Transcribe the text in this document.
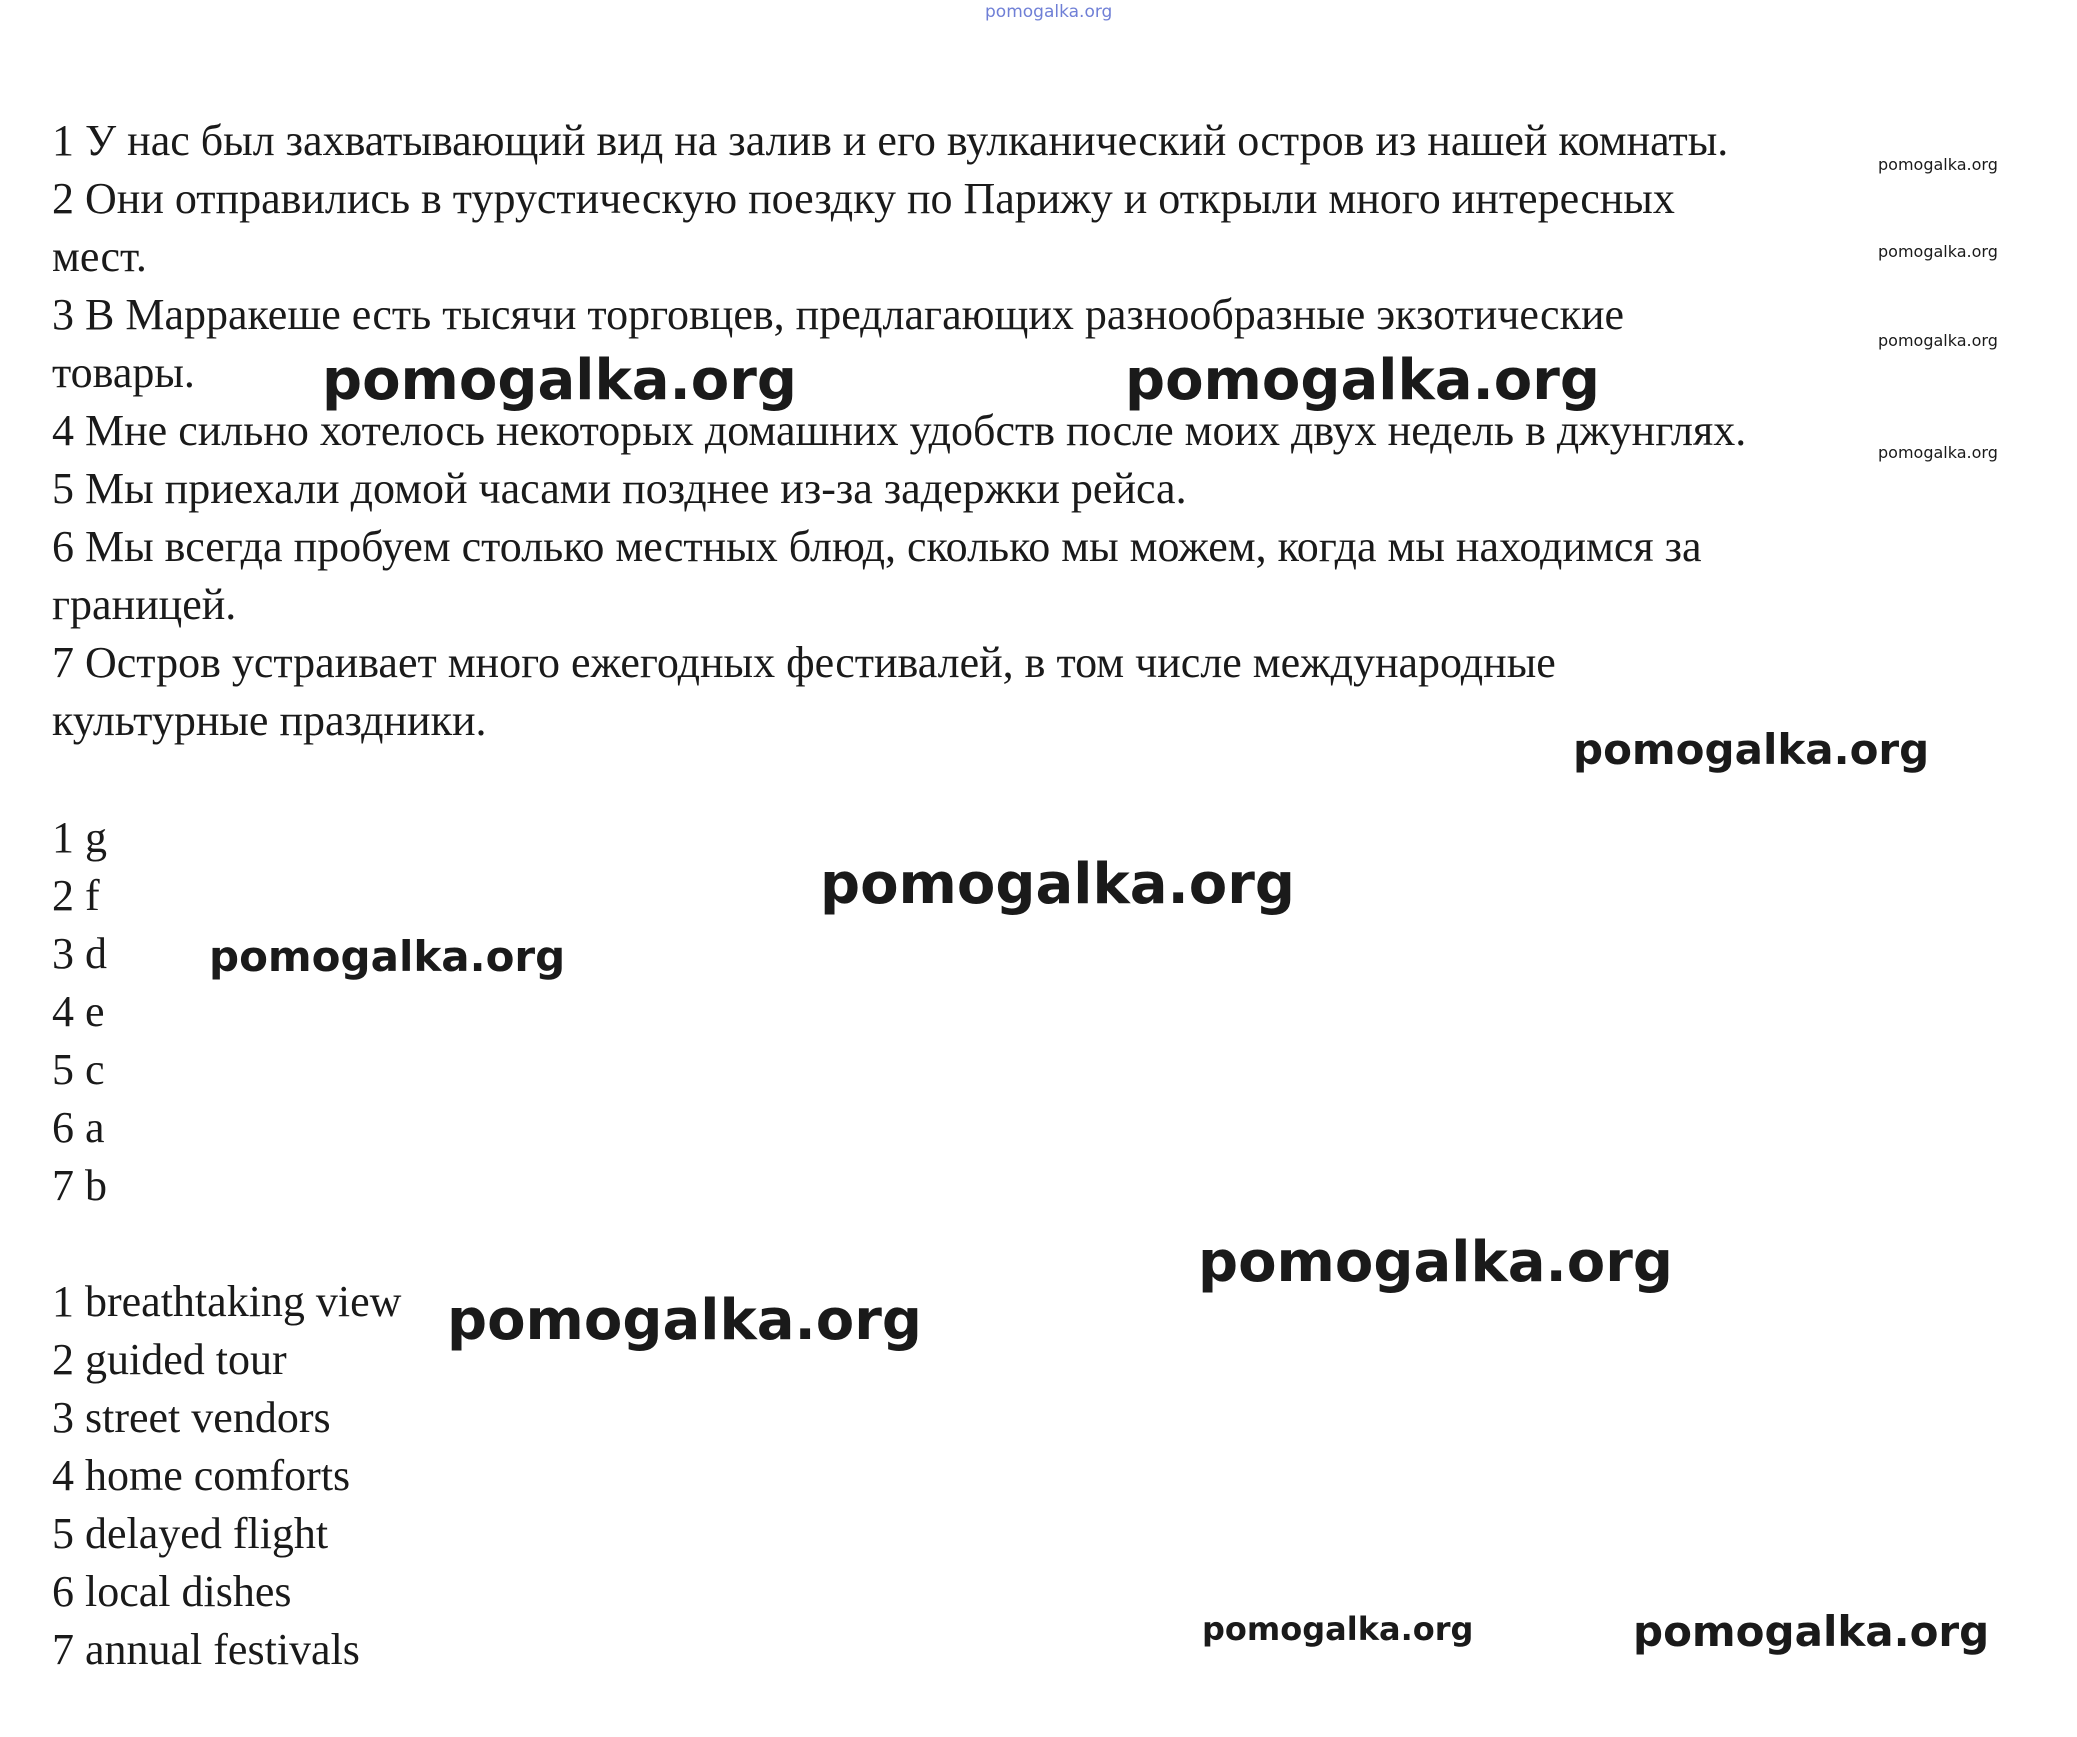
pomogalka.org
1 У нас был захватывающий вид на залив и его вулканический остров из нашей комнаты.
2 Они отправились в турустическую поездку по Парижу и открыли много интересных
мест.
3 В Марракеше есть тысячи торговцев, предлагающих разнообразные экзотические
товары.
4 Мне сильно хотелось некоторых домашних удобств после моих двух недель в джунглях.
5 Мы приехали домой часами позднее из-за задержки рейса.
6 Мы всегда пробуем столько местных блюд, сколько мы можем, когда мы находимся за
границей.
7 Остров устраивает много ежегодных фестивалей, в том числе международные
культурные праздники.
1 g
2 f
3 d
4 e
5 c
6 a
7 b
1 breathtaking view
2 guided tour
3 street vendors
4 home comforts
5 delayed flight
6 local dishes
7 annual festivals
pomogalka.org	pomogalka.org
pomogalka.org
pomogalka.org
pomogalka.org
pomogalka.org
pomogalka.org
pomogalka.org
pomogalka.org
pomogalka.org
pomogalka.org
pomogalka.org
pomogalka.org
